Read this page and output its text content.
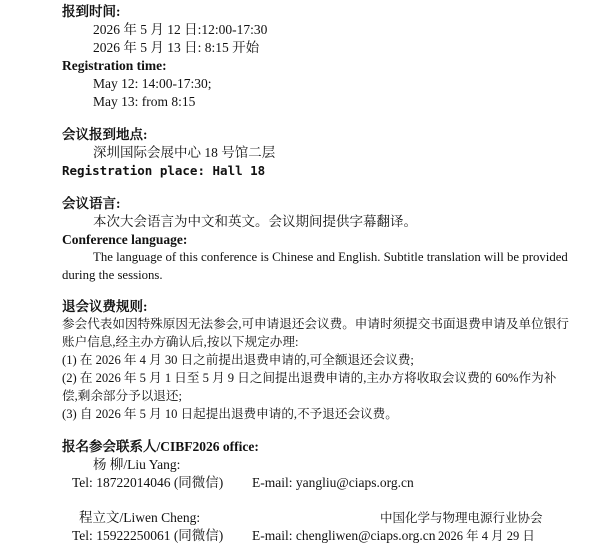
报到时间:
2026 年 5 月 12 日:12:00-17:30
2026 年 5 月 13 日: 8:15 开始
Registration time:
May 12: 14:00-17:30;
May 13: from 8:15
会议报到地点:
深圳国际会展中心 18 号馆二层
Registration place: Hall 18
会议语言:
本次大会语言为中文和英文。会议期间提供字幕翻译。
Conference language:
The language of this conference is Chinese and English. Subtitle translation will be provided
during the sessions.
退会议费规则:
参会代表如因特殊原因无法参会,可申请退还会议费。申请时须提交书面退费申请及单位银行
账户信息,经主办方确认后,按以下规定办理:
(1) 在 2026 年 4 月 30 日之前提出退费申请的,可全额退还会议费;
(2) 在 2026 年 5 月 1 日至 5 月 9 日之间提出退费申请的,主办方将收取会议费的 60%作为补
偿,剩余部分予以退还;
(3) 自 2026 年 5 月 10 日起提出退费申请的,不予退还会议费。
报名参会联系人/CIBF2026 office:
杨 柳/Liu Yang:
Tel: 18722014046 (同微信) E-mail: yangliu@ciaps.org.cn
程立文/Liwen Cheng:
Tel: 15922250061 (同微信) E-mail: chengliwen@ciaps.org.cn
中国化学与物理电源行业协会
2026 年 4 月 29 日
